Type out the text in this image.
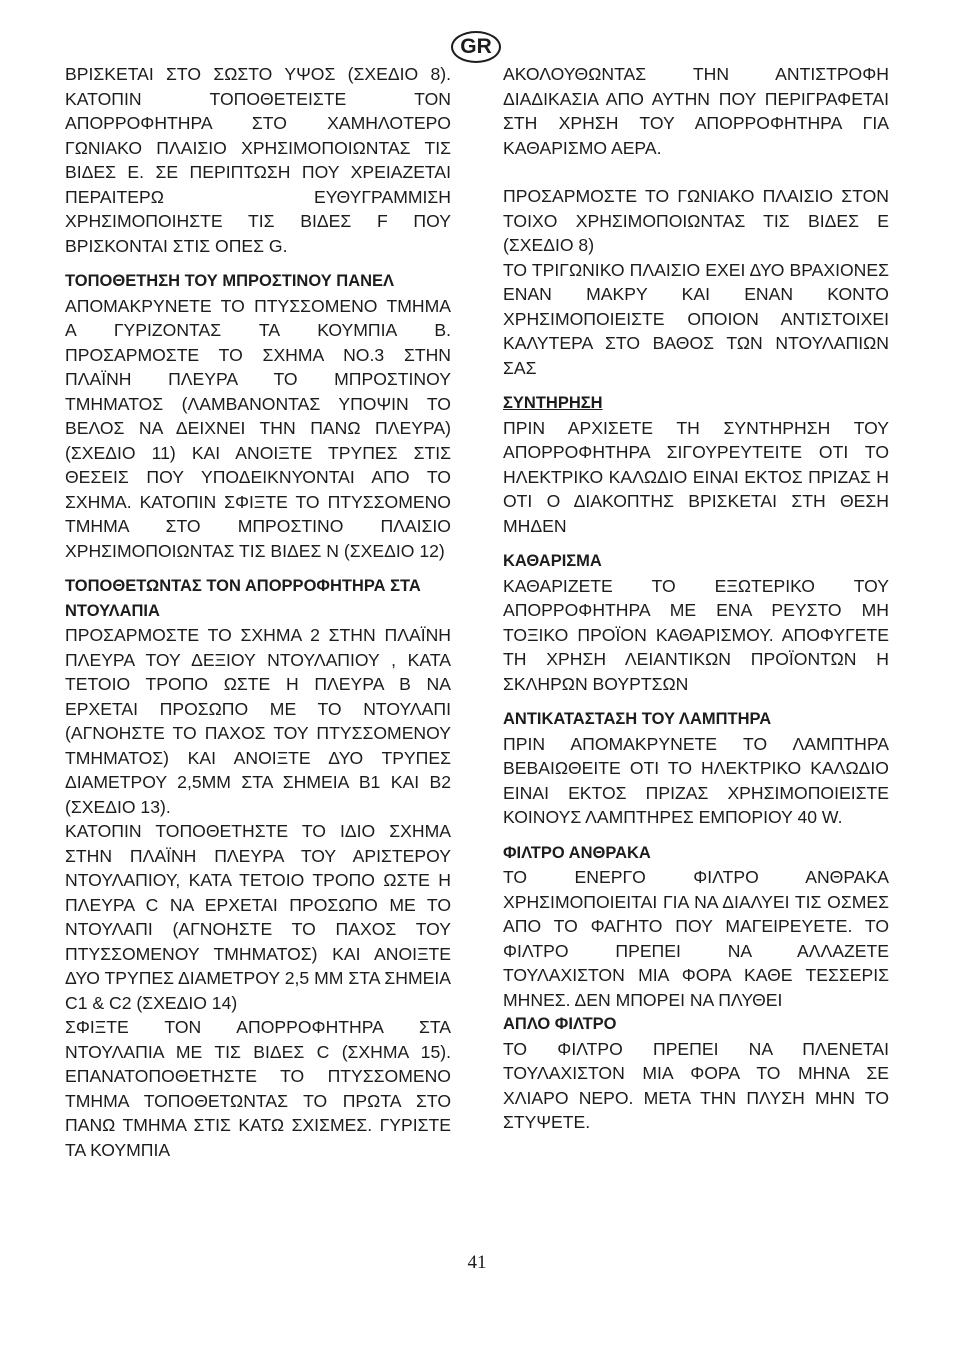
GR

ΒΡΙΣΚΕΤΑΙ ΣΤΟ ΣΩΣΤΟ ΥΨΟΣ (ΣΧΕΔΙΟ 8). ΚΑΤΟΠΙΝ ΤΟΠΟΘΕΤΕΙΣΤΕ ΤΟΝ ΑΠΟΡΡΟΦΗΤΗΡΑ ΣΤΟ ΧΑΜΗΛΟΤΕΡΟ ΓΩΝΙΑΚΟ ΠΛΑΙΣΙΟ ΧΡΗΣΙΜΟΠΟΙΩΝΤΑΣ ΤΙΣ ΒΙΔΕΣ Ε. ΣΕ ΠΕΡΙΠΤΩΣΗ ΠΟΥ ΧΡΕΙΑΖΕΤΑΙ ΠΕΡΑΙΤΕΡΩ ΕΥΘΥΓΡΑΜΜΙΣΗ ΧΡΗΣΙΜΟΠΟΙΗΣΤΕ ΤΙΣ ΒΙΔΕΣ F ΠΟΥ ΒΡΙΣΚΟΝΤΑΙ ΣΤΙΣ ΟΠΕΣ G.

ΤΟΠΟΘΕΤΗΣΗ ΤΟΥ ΜΠΡΟΣΤΙΝΟΥ ΠΑΝΕΛ

ΑΠΟΜΑΚΡΥΝΕΤΕ ΤΟ ΠΤΥΣΣΟΜΕΝΟ ΤΜΗΜΑ Α ΓΥΡΙΖΟΝΤΑΣ ΤΑ ΚΟΥΜΠΙΑ Β. ΠΡΟΣΑΡΜΟΣΤΕ ΤΟ ΣΧΗΜΑ ΝΟ.3 ΣΤΗΝ ΠΛΑΪΝΗ ΠΛΕΥΡΑ ΤΟ ΜΠΡΟΣΤΙΝΟΥ ΤΜΗΜΑΤΟΣ (ΛΑΜΒΑΝΟΝΤΑΣ ΥΠΟΨΙΝ ΤΟ ΒΕΛΟΣ ΝΑ ΔΕΙΧΝΕΙ ΤΗΝ ΠΑΝΩ ΠΛΕΥΡΑ) (ΣΧΕΔΙΟ 11) ΚΑΙ ΑΝΟΙΞΤΕ ΤΡΥΠΕΣ ΣΤΙΣ ΘΕΣΕΙΣ ΠΟΥ ΥΠΟΔΕΙΚΝΥΟΝΤΑΙ ΑΠΟ ΤΟ ΣΧΗΜΑ. ΚΑΤΟΠΙΝ ΣΦΙΞΤΕ ΤΟ ΠΤΥΣΣΟΜΕΝΟ ΤΜΗΜΑ ΣΤΟ ΜΠΡΟΣΤΙΝΟ ΠΛΑΙΣΙΟ ΧΡΗΣΙΜΟΠΟΙΩΝΤΑΣ ΤΙΣ ΒΙΔΕΣ Ν (ΣΧΕΔΙΟ 12)

ΤΟΠΟΘΕΤΩΝΤΑΣ ΤΟΝ ΑΠΟΡΡΟΦΗΤΗΡΑ ΣΤΑ ΝΤΟΥΛΑΠΙΑ

ΠΡΟΣΑΡΜΟΣΤΕ ΤΟ ΣΧΗΜΑ 2 ΣΤΗΝ ΠΛΑΪΝΗ ΠΛΕΥΡΑ ΤΟΥ ΔΕΞΙΟΥ ΝΤΟΥΛΑΠΙΟΥ , ΚΑΤΑ ΤΕΤΟΙΟ ΤΡΟΠΟ ΩΣΤΕ Η ΠΛΕΥΡΑ Β ΝΑ ΕΡΧΕΤΑΙ ΠΡΟΣΩΠΟ ΜΕ ΤΟ ΝΤΟΥΛΑΠΙ (ΑΓΝΟΗΣΤΕ ΤΟ ΠΑΧΟΣ ΤΟΥ ΠΤΥΣΣΟΜΕΝΟΥ ΤΜΗΜΑΤΟΣ) ΚΑΙ ΑΝΟΙΞΤΕ ΔΥΟ ΤΡΥΠΕΣ ΔΙΑΜΕΤΡΟΥ 2,5ΜΜ ΣΤΑ ΣΗΜΕΙΑ Β1 ΚΑΙ Β2 (ΣΧΕΔΙΟ 13).

ΚΑΤΟΠΙΝ ΤΟΠΟΘΕΤΗΣΤΕ ΤΟ ΙΔΙΟ ΣΧΗΜΑ ΣΤΗΝ ΠΛΑΪΝΗ ΠΛΕΥΡΑ ΤΟΥ ΑΡΙΣΤΕΡΟΥ ΝΤΟΥΛΑΠΙΟΥ, ΚΑΤΑ ΤΕΤΟΙΟ ΤΡΟΠΟ ΩΣΤΕ Η ΠΛΕΥΡΑ C ΝΑ ΕΡΧΕΤΑΙ ΠΡΟΣΩΠΟ ΜΕ ΤΟ ΝΤΟΥΛΑΠΙ (ΑΓΝΟΗΣΤΕ ΤΟ ΠΑΧΟΣ ΤΟΥ ΠΤΥΣΣΟΜΕΝΟΥ ΤΜΗΜΑΤΟΣ) ΚΑΙ ΑΝΟΙΞΤΕ ΔΥΟ ΤΡΥΠΕΣ ΔΙΑΜΕΤΡΟΥ 2,5 ΜΜ ΣΤΑ ΣΗΜΕΙΑ C1 & C2 (ΣΧΕΔΙΟ 14)

ΣΦΙΞΤΕ ΤΟΝ ΑΠΟΡΡΟΦΗΤΗΡΑ ΣΤΑ ΝΤΟΥΛΑΠΙΑ ΜΕ ΤΙΣ ΒΙΔΕΣ C (ΣΧΗΜΑ 15). ΕΠΑΝΑΤΟΠΟΘΕΤΗΣΤΕ ΤΟ ΠΤΥΣΣΟΜΕΝΟ ΤΜΗΜΑ ΤΟΠΟΘΕΤΩΝΤΑΣ ΤΟ ΠΡΩΤΑ ΣΤΟ ΠΑΝΩ ΤΜΗΜΑ ΣΤΙΣ ΚΑΤΩ ΣΧΙΣΜΕΣ. ΓΥΡΙΣΤΕ ΤΑ ΚΟΥΜΠΙΑ

ΑΚΟΛΟΥΘΩΝΤΑΣ ΤΗΝ ΑΝΤΙΣΤΡΟΦΗ ΔΙΑΔΙΚΑΣΙΑ ΑΠΟ ΑΥΤΗΝ ΠΟΥ ΠΕΡΙΓΡΑΦΕΤΑΙ ΣΤΗ ΧΡΗΣΗ ΤΟΥ ΑΠΟΡΡΟΦΗΤΗΡΑ ΓΙΑ ΚΑΘΑΡΙΣΜΟ ΑΕΡΑ.

ΠΡΟΣΑΡΜΟΣΤΕ ΤΟ ΓΩΝΙΑΚΟ ΠΛΑΙΣΙΟ ΣΤΟΝ ΤΟΙΧΟ ΧΡΗΣΙΜΟΠΟΙΩΝΤΑΣ ΤΙΣ ΒΙΔΕΣ Ε (ΣΧΕΔΙΟ 8)

ΤΟ ΤΡΙΓΩΝΙΚΟ ΠΛΑΙΣΙΟ ΕΧΕΙ ΔΥΟ ΒΡΑΧΙΟΝΕΣ ΕΝΑΝ ΜΑΚΡΥ ΚΑΙ ΕΝΑΝ ΚΟΝΤΟ ΧΡΗΣΙΜΟΠΟΙΕΙΣΤΕ ΟΠΟΙΟΝ ΑΝΤΙΣΤΟΙΧΕΙ ΚΑΛΥΤΕΡΑ ΣΤΟ ΒΑΘΟΣ ΤΩΝ ΝΤΟΥΛΑΠΙΩΝ ΣΑΣ

ΣΥΝΤΗΡΗΣΗ

ΠΡΙΝ ΑΡΧΙΣΕΤΕ ΤΗ ΣΥΝΤΗΡΗΣΗ ΤΟΥ ΑΠΟΡΡΟΦΗΤΗΡΑ ΣΙΓΟΥΡΕΥΤΕΙΤΕ ΟΤΙ ΤΟ ΗΛΕΚΤΡΙΚΟ ΚΑΛΩΔΙΟ ΕΙΝΑΙ ΕΚΤΟΣ ΠΡΙΖΑΣ Η ΟΤΙ Ο ΔΙΑΚΟΠΤΗΣ ΒΡΙΣΚΕΤΑΙ ΣΤΗ ΘΕΣΗ ΜΗΔΕΝ

ΚΑΘΑΡΙΣΜΑ

ΚΑΘΑΡΙΖΕΤΕ ΤΟ ΕΞΩΤΕΡΙΚΟ ΤΟΥ ΑΠΟΡΡΟΦΗΤΗΡΑ ΜΕ ΕΝΑ ΡΕΥΣΤΟ ΜΗ ΤΟΞΙΚΟ ΠΡΟΪΟΝ ΚΑΘΑΡΙΣΜΟΥ. ΑΠΟΦΥΓΕΤΕ ΤΗ ΧΡΗΣΗ ΛΕΙΑΝΤΙΚΩΝ ΠΡΟΪΟΝΤΩΝ Η ΣΚΛΗΡΩΝ ΒΟΥΡΤΣΩΝ

ΑΝΤΙΚΑΤΑΣΤΑΣΗ ΤΟΥ ΛΑΜΠΤΗΡΑ

ΠΡΙΝ ΑΠΟΜΑΚΡΥΝΕΤΕ ΤΟ ΛΑΜΠΤΗΡΑ ΒΕΒΑΙΩΘΕΙΤΕ ΟΤΙ ΤΟ ΗΛΕΚΤΡΙΚΟ ΚΑΛΩΔΙΟ ΕΙΝΑΙ ΕΚΤΟΣ ΠΡΙΖΑΣ ΧΡΗΣΙΜΟΠΟΙΕΙΣΤΕ ΚΟΙΝΟΥΣ ΛΑΜΠΤΗΡΕΣ ΕΜΠΟΡΙΟΥ 40 W.

ΦΙΛΤΡΟ ΑΝΘΡΑΚΑ

ΤΟ ΕΝΕΡΓΟ ΦΙΛΤΡΟ ΑΝΘΡΑΚΑ ΧΡΗΣΙΜΟΠΟΙΕΙΤΑΙ ΓΙΑ ΝΑ ΔΙΑΛΥΕΙ ΤΙΣ ΟΣΜΕΣ ΑΠΟ ΤΟ ΦΑΓΗΤΟ ΠΟΥ ΜΑΓΕΙΡΕΥΕΤΕ. ΤΟ ΦΙΛΤΡΟ ΠΡΕΠΕΙ ΝΑ ΑΛΛΑΖΕΤΕ ΤΟΥΛΑΧΙΣΤΟΝ ΜΙΑ ΦΟΡΑ ΚΑΘΕ ΤΕΣΣΕΡΙΣ ΜΗΝΕΣ. ΔΕΝ ΜΠΟΡΕΙ ΝΑ ΠΛΥΘΕΙ

ΑΠΛΟ ΦΙΛΤΡΟ

ΤΟ ΦΙΛΤΡΟ ΠΡΕΠΕΙ ΝΑ ΠΛΕΝΕΤΑΙ ΤΟΥΛΑΧΙΣΤΟΝ ΜΙΑ ΦΟΡΑ ΤΟ ΜΗΝΑ ΣΕ ΧΛΙΑΡΟ ΝΕΡΟ. ΜΕΤΑ ΤΗΝ ΠΛΥΣΗ ΜΗΝ ΤΟ ΣΤΥΨΕΤΕ.

41
